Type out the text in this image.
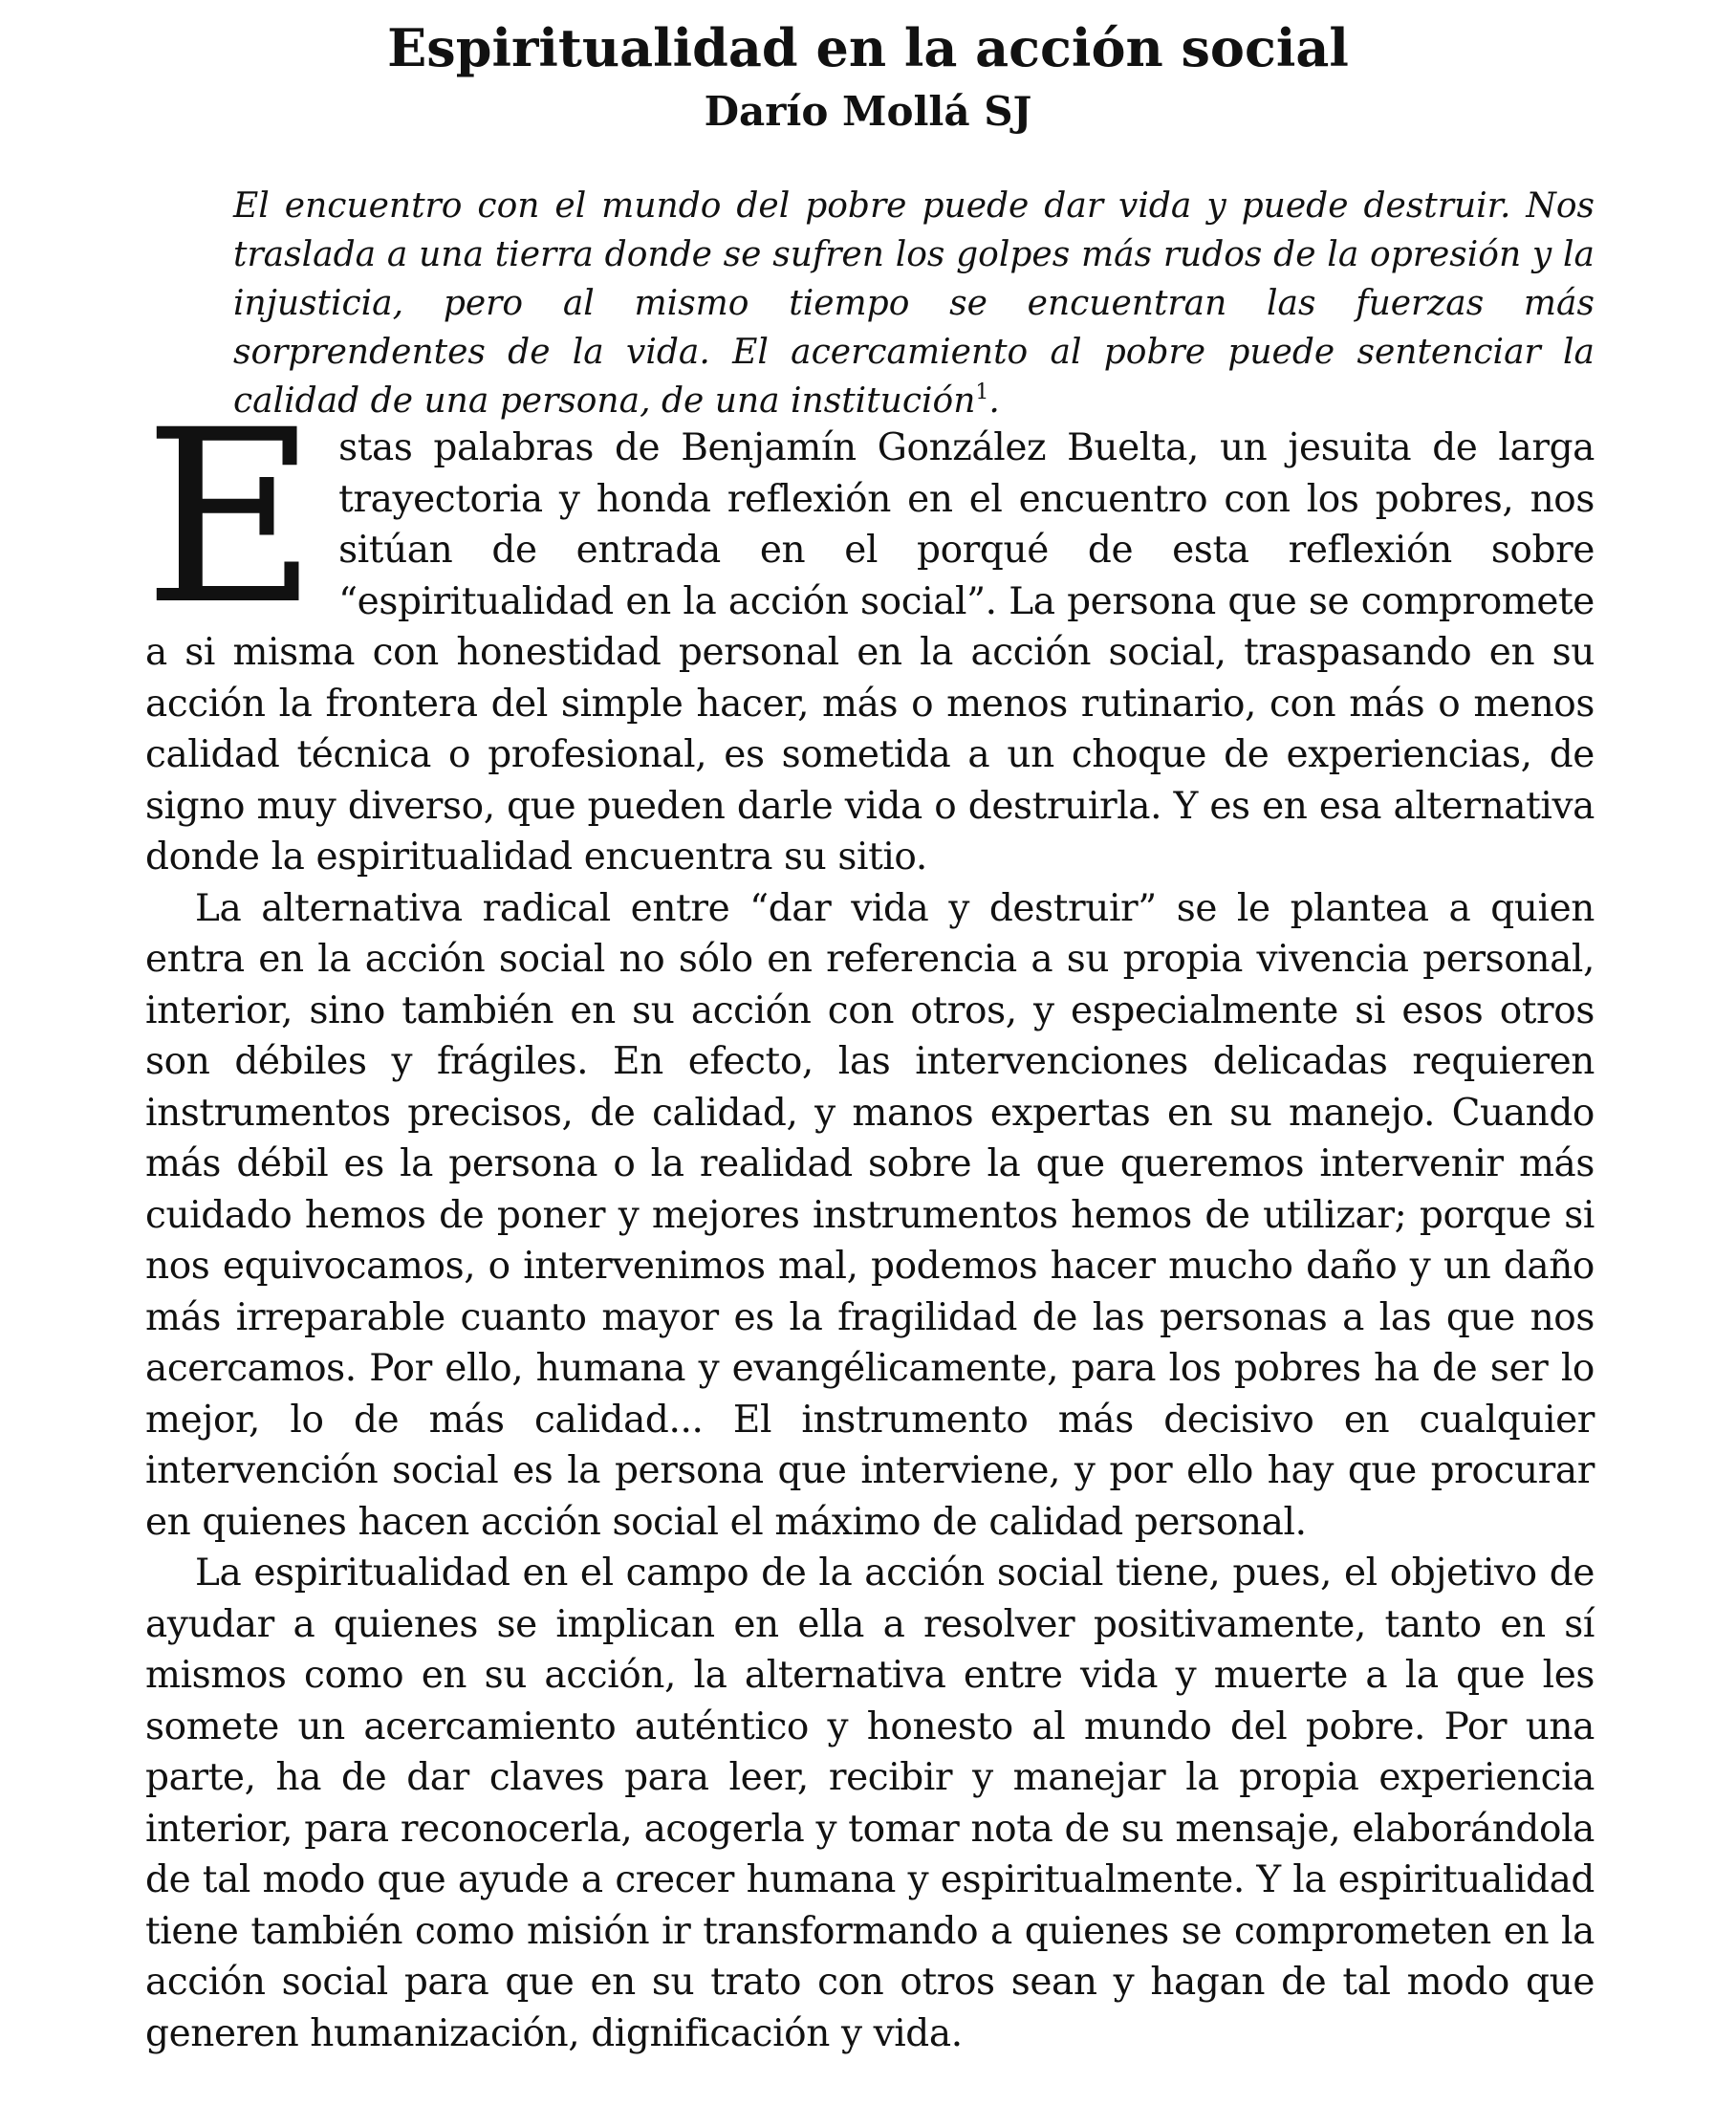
Espiritualidad en la acción social
Darío Mollá SJ

El encuentro con el mundo del pobre puede dar vida y puede destruir. Nos traslada a una tierra donde se sufren los golpes más rudos de la opresión y la injusticia, pero al mismo tiempo se encuentran las fuerzas más sorprendentes de la vida. El acercamiento al pobre puede sentenciar la calidad de una persona, de una institución$^1$.

Estas palabras de Benjamín González Buelta, un jesuita de larga trayectoria y honda reflexión en el encuentro con los pobres, nos sitúan de entrada en el porqué de esta reflexión sobre “espiritualidad en la acción social”. La persona que se compromete a si misma con honestidad personal en la acción social, traspasando en su acción la frontera del simple hacer, más o menos rutinario, con más o menos calidad técnica o profesional, es sometida a un choque de experiencias, de signo muy diverso, que pueden darle vida o destruirla. Y es en esa alternativa donde la espiritualidad encuentra su sitio.

La alternativa radical entre “dar vida y destruir” se le plantea a quien entra en la acción social no sólo en referencia a su propia vivencia personal, interior, sino también en su acción con otros, y especialmente si esos otros son débiles y frágiles. En efecto, las intervenciones delicadas requieren instrumentos precisos, de calidad, y manos expertas en su manejo. Cuando más débil es la persona o la realidad sobre la que queremos intervenir más cuidado hemos de poner y mejores instrumentos hemos de utilizar; porque si nos equivocamos, o intervenimos mal, podemos hacer mucho daño y un daño más irreparable cuanto mayor es la fragilidad de las personas a las que nos acercamos. Por ello, humana y evangélicamente, para los pobres ha de ser lo mejor, lo de más calidad... El instrumento más decisivo en cualquier intervención social es la persona que interviene, y por ello hay que procurar en quienes hacen acción social el máximo de calidad personal.

La espiritualidad en el campo de la acción social tiene, pues, el objetivo de ayudar a quienes se implican en ella a resolver positivamente, tanto en sí mismos como en su acción, la alternativa entre vida y muerte a la que les somete un acercamiento auténtico y honesto al mundo del pobre. Por una parte, ha de dar claves para leer, recibir y manejar la propia experiencia interior, para reconocerla, acogerla y tomar nota de su mensaje, elaborándola de tal modo que ayude a crecer humana y espiritualmente. Y la espiritualidad tiene también como misión ir transformando a quienes se comprometen en la acción social para que en su trato con otros sean y hagan de tal modo que generen humanización, dignificación y vida.
